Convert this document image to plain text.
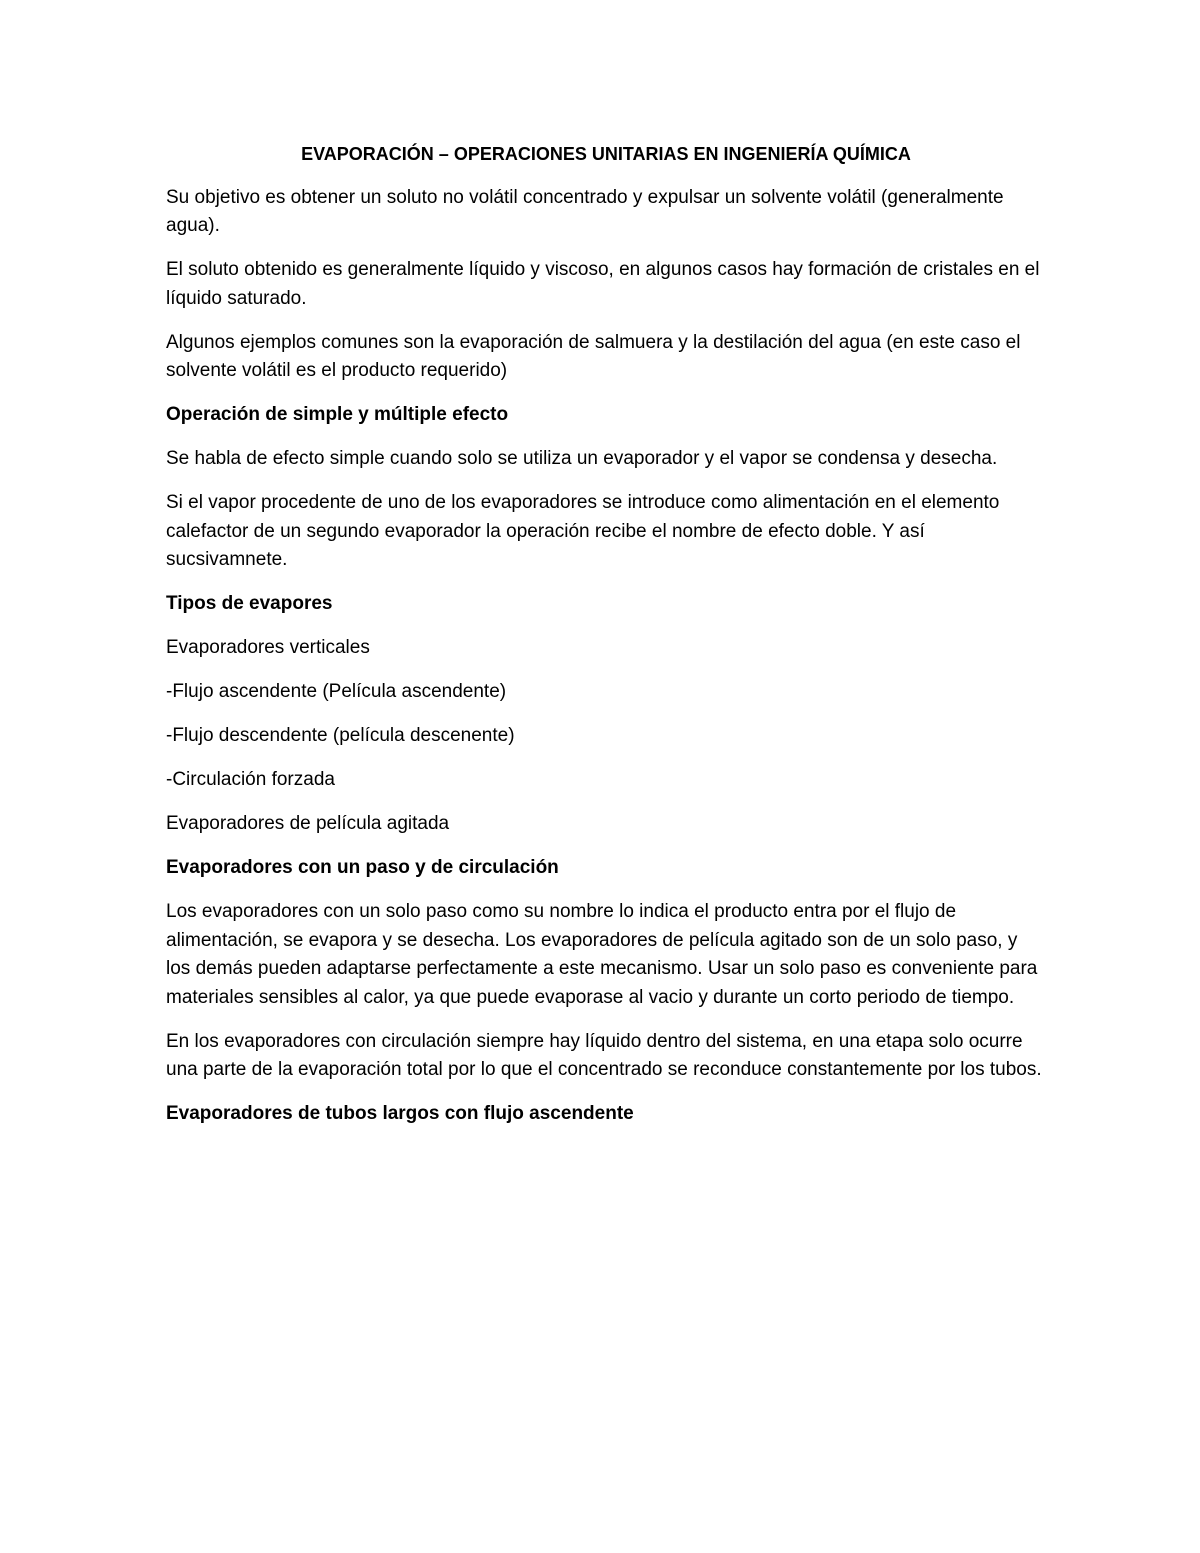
EVAPORACIÓN – OPERACIONES UNITARIAS EN INGENIERÍA QUÍMICA

Su objetivo es obtener un soluto no volátil concentrado y expulsar un solvente volátil (generalmente agua).

El soluto obtenido es generalmente líquido y viscoso, en algunos casos hay formación de cristales en el líquido saturado.

Algunos ejemplos comunes son la evaporación de salmuera y la destilación del agua (en este caso el solvente volátil es el producto requerido)

Operación de simple y múltiple efecto

Se habla de efecto simple cuando solo se utiliza un evaporador y el vapor se condensa y desecha.

Si el vapor procedente de uno de los evaporadores se introduce como alimentación en el elemento calefactor de un segundo evaporador la operación recibe el nombre de efecto doble. Y así sucsivamnete.

Tipos de evapores

Evaporadores verticales

-Flujo ascendente (Película ascendente)

-Flujo descendente (película descenente)

-Circulación forzada

Evaporadores de película agitada

Evaporadores con un paso y de circulación

Los evaporadores con un solo paso como su nombre lo indica el producto entra por el flujo de alimentación, se evapora y se desecha. Los evaporadores de película agitado son de un solo paso, y los demás pueden adaptarse perfectamente a este mecanismo. Usar un solo paso es conveniente para materiales sensibles al calor, ya que puede evaporase al vacio y durante un corto periodo de tiempo.

En los evaporadores con circulación siempre hay líquido dentro del sistema, en una etapa solo ocurre una parte de la evaporación total por lo que el concentrado se reconduce constantemente por los tubos.

Evaporadores de tubos largos con flujo ascendente
